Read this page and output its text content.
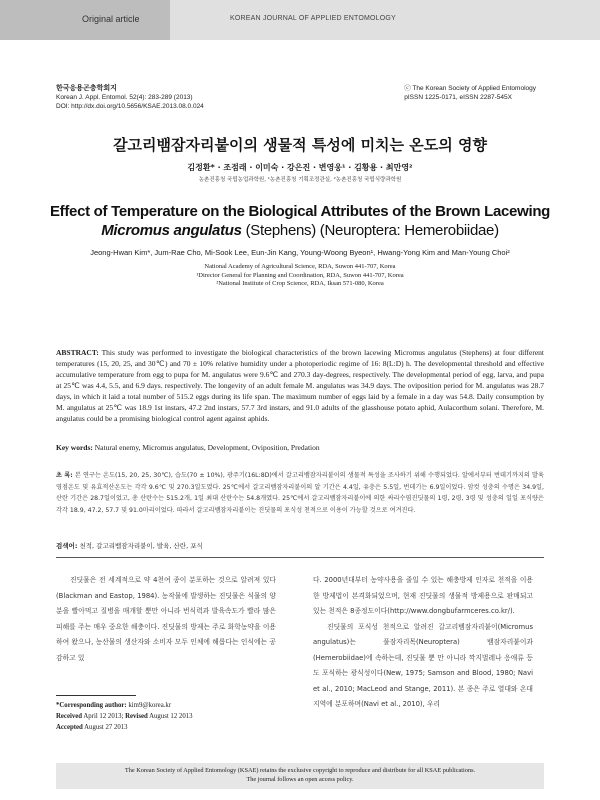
Original article	KOREAN JOURNAL OF APPLIED ENTOMOLOGY
한국응용곤충학회지
Korean J. Appl. Entomol. 52(4): 283-289 (2013)
DOI: http://dx.doi.org/10.5656/KSAE.2013.08.0.024
ⓒ The Korean Society of Applied Entomology
pISSN 1225-0171, eISSN 2287-545X
갈고리뱀잠자리붙이의 생물적 특성에 미치는 온도의 영향
김정환* · 조점래 · 이미숙 · 강은진 · 변영웅¹ · 김황용 · 최만영²
농촌진흥청 국립농업과학원, ¹농촌진흥청 기획조정관실, ²농촌진흥청 국립식량과학원
Effect of Temperature on the Biological Attributes of the Brown Lacewing
Micromus angulatus (Stephens) (Neuroptera: Hemerobiidae)
Jeong-Hwan Kim*, Jum-Rae Cho, Mi-Sook Lee, Eun-Jin Kang, Young-Woong Byeon¹, Hwang-Yong Kim and Man-Young Choi²
National Academy of Agricultural Science, RDA, Suwon 441-707, Korea
¹Director General for Planning and Coordination, RDA, Suwon 441-707, Korea
²National Institute of Crop Science, RDA, Iksan 571-080, Korea
ABSTRACT: This study was performed to investigate the biological characteristics of the brown lacewing Micromus angulatus (Stephens) at four different temperatures (15, 20, 25, and 30℃) and 70 ± 10% relative humidity under a photoperiodic regime of 16: 8(L:D) h. The developmental threshold and effective accumulative temperature from egg to pupa for M. angulatus were 9.6℃ and 270.3 day-degrees, respectively. The developmental period of egg, larva, and pupa at 25℃ was 4.4, 5.5, and 6.9 days. respectively. The longevity of an adult female M. angulatus was 34.9 days. The oviposition period for M. angulatus was 28.7 days, in which it laid a total number of 515.2 eggs during its life span. The maximum number of eggs laid by a female in a day was 54.8. Daily consumption by M. angulatus at 25℃ was 18.9 1st instars, 47.2 2nd instars, 57.7 3rd instars, and 91.0 adults of the glasshouse potato aphid, Aulacorthum solani. Therefore, M. angulatus could be a promising biological control agent against aphids.
Key words: Natural enemy, Micromus angulatus, Development, Oviposition, Predation
초 록: 본 연구는 온도(15, 20, 25, 30℃), 습도(70 ± 10%), 광주기(16L:8D)에서 갈고리뱀잠자리붙이의 생물적 특성을 조사하기 위해 수행되었다. 알에서부터 번데기까지의 발육영점온도 및 유효적산온도는 각각 9.6℃ 및 270.3일도였다. 25℃에서 갈고리뱀잠자리붙이의 알 기간은 4.4일, 유충은 5.5일, 번데기는 6.9일이었다. 암컷 성충의 수명은 34.9일, 산란 기간은 28.7일이었고, 총 산란수는 515.2개, 1일 최대 산란수는 54.8개였다. 25℃에서 갈고리뱀잠자리붙이에 의한 싸리수염진딧물의 1령, 2령, 3령 및 성충의 일일 포식량은 각각 18.9, 47.2, 57.7 및 91.0마리이었다. 따라서 갈고리뱀잠자리붙이는 진딧물의 포식성 천적으로 이용이 가능할 것으로 여겨진다.
검색어: 천적, 갈고리뱀잠자리붙이, 발육, 산란, 포식

진딧물은 전 세계적으로 약 4천여 종이 분포하는 것으로 알려져 있다(Blackman and Eastop, 1984). 농작물에 발생하는 진딧물은 식물의 양분을 빨아먹고 질병을 매개할 뿐만 아니라 번식력과 발육속도가 빨라 많은 피해를 주는 매우 중요한 해충이다. 진딧물의 방제는 주로 화학농약을 이용하여 왔으나, 농산물의 생산자와 소비자 모두 인체에 해롭다는 인식에는 공감하고 있

다. 2000년대부터 농약사용을 줄일 수 있는 해충방제 인자로 천적을 이용한 방제법이 본격화되었으며, 현재 진딧물의 생물적 방제용으로 판매되고 있는 천적은 8종정도이다(http://www.dongbufarmceres.co.kr/).

진딧물의 포식성 천적으로 알려진 갈고리뱀잠자리붙이(Micromus angulatus)는 풀잠자리목(Neuroptera) 뱀잠자리붙이과(Hemerobiidae)에 속하는데, 진딧물 뿐 만 아니라 깍지벌레나 응애류 등도 포식하는 광식성이다(New, 1975; Samson and Blood, 1980; Navi et al., 2010; MacLeod and Stange, 2011). 본 종은 주로 열대와 온대지역에 분포하며(Navi et al., 2010), 우리

*Corresponding author: kim9@korea.kr
Received April 12 2013; Revised August 12 2013
Accepted August 27 2013
The Korean Society of Applied Entomology (KSAE) retains the exclusive copyright to reproduce and distribute for all KSAE publications.
The journal follows an open access policy.
